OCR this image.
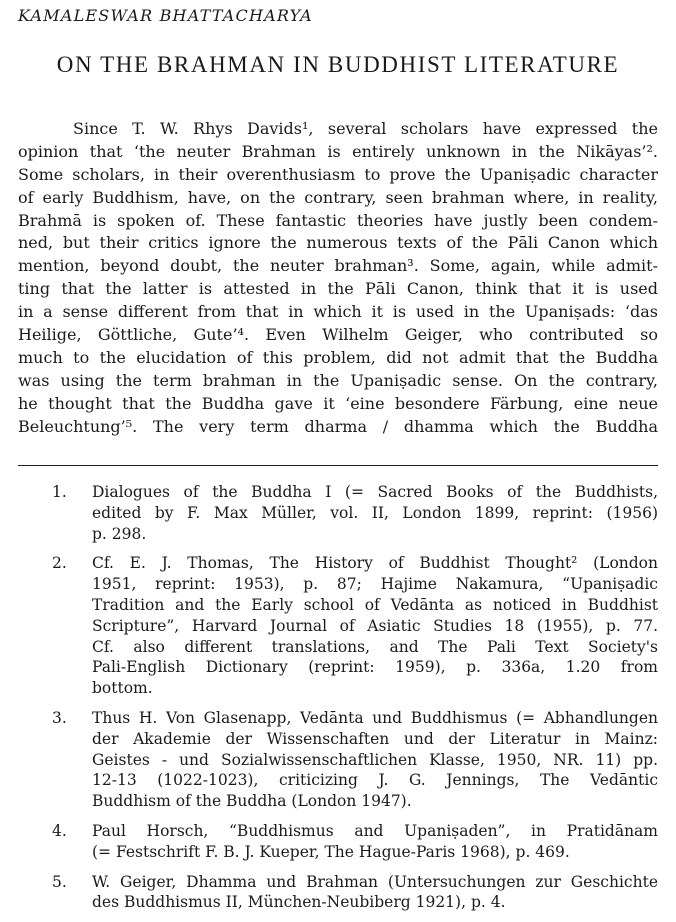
KAMALESWAR BHATTACHARYA
ON THE BRAHMAN IN BUDDHIST LITERATURE
Since T. W. Rhys Davids¹, several scholars have expressed the
opinion that ‘the neuter Brahman is entirely unknown in the Nikāyas’².
Some scholars, in their overenthusiasm to prove the Upaniṣadic character
of early Buddhism, have, on the contrary, seen brahman where, in reality,
Brahmā is spoken of. These fantastic theories have justly been condem-
ned, but their critics ignore the numerous texts of the Pāli Canon which
mention, beyond doubt, the neuter brahman³. Some, again, while admit-
ting that the latter is attested in the Pāli Canon, think that it is used
in a sense different from that in which it is used in the Upaniṣads: ‘das
Heilige, Göttliche, Gute’⁴. Even Wilhelm Geiger, who contributed so
much to the elucidation of this problem, did not admit that the Buddha
was using the term brahman in the Upaniṣadic sense. On the contrary,
he thought that the Buddha gave it ‘eine besondere Färbung, eine neue
Beleuchtung’⁵. The very term dharma / dhamma which the Buddha
1. Dialogues of the Buddha I (= Sacred Books of the Buddhists,
edited by F. Max Müller, vol. II, London 1899, reprint: (1956)
p. 298.
2. Cf. E. J. Thomas, The History of Buddhist Thought² (London
1951, reprint: 1953), p. 87; Hajime Nakamura, “Upaniṣadic
Tradition and the Early school of Vedānta as noticed in Buddhist
Scripture”, Harvard Journal of Asiatic Studies 18 (1955), p. 77.
Cf. also different translations, and The Pali Text Society's
Pali-English Dictionary (reprint: 1959), p. 336a, 1.20 from
bottom.
3. Thus H. Von Glasenapp, Vedānta und Buddhismus (= Abhandlungen
der Akademie der Wissenschaften und der Literatur in Mainz:
Geistes - und Sozialwissenschaftlichen Klasse, 1950, NR. 11) pp.
12-13 (1022-1023), criticizing J. G. Jennings, The Vedāntic
Buddhism of the Buddha (London 1947).
4. Paul Horsch, “Buddhismus and Upaniṣaden”, in Pratidānam
(= Festschrift F. B. J. Kueper, The Hague-Paris 1968), p. 469.
5. W. Geiger, Dhamma und Brahman (Untersuchungen zur Geschichte
des Buddhismus II, München-Neubiberg 1921), p. 4.
